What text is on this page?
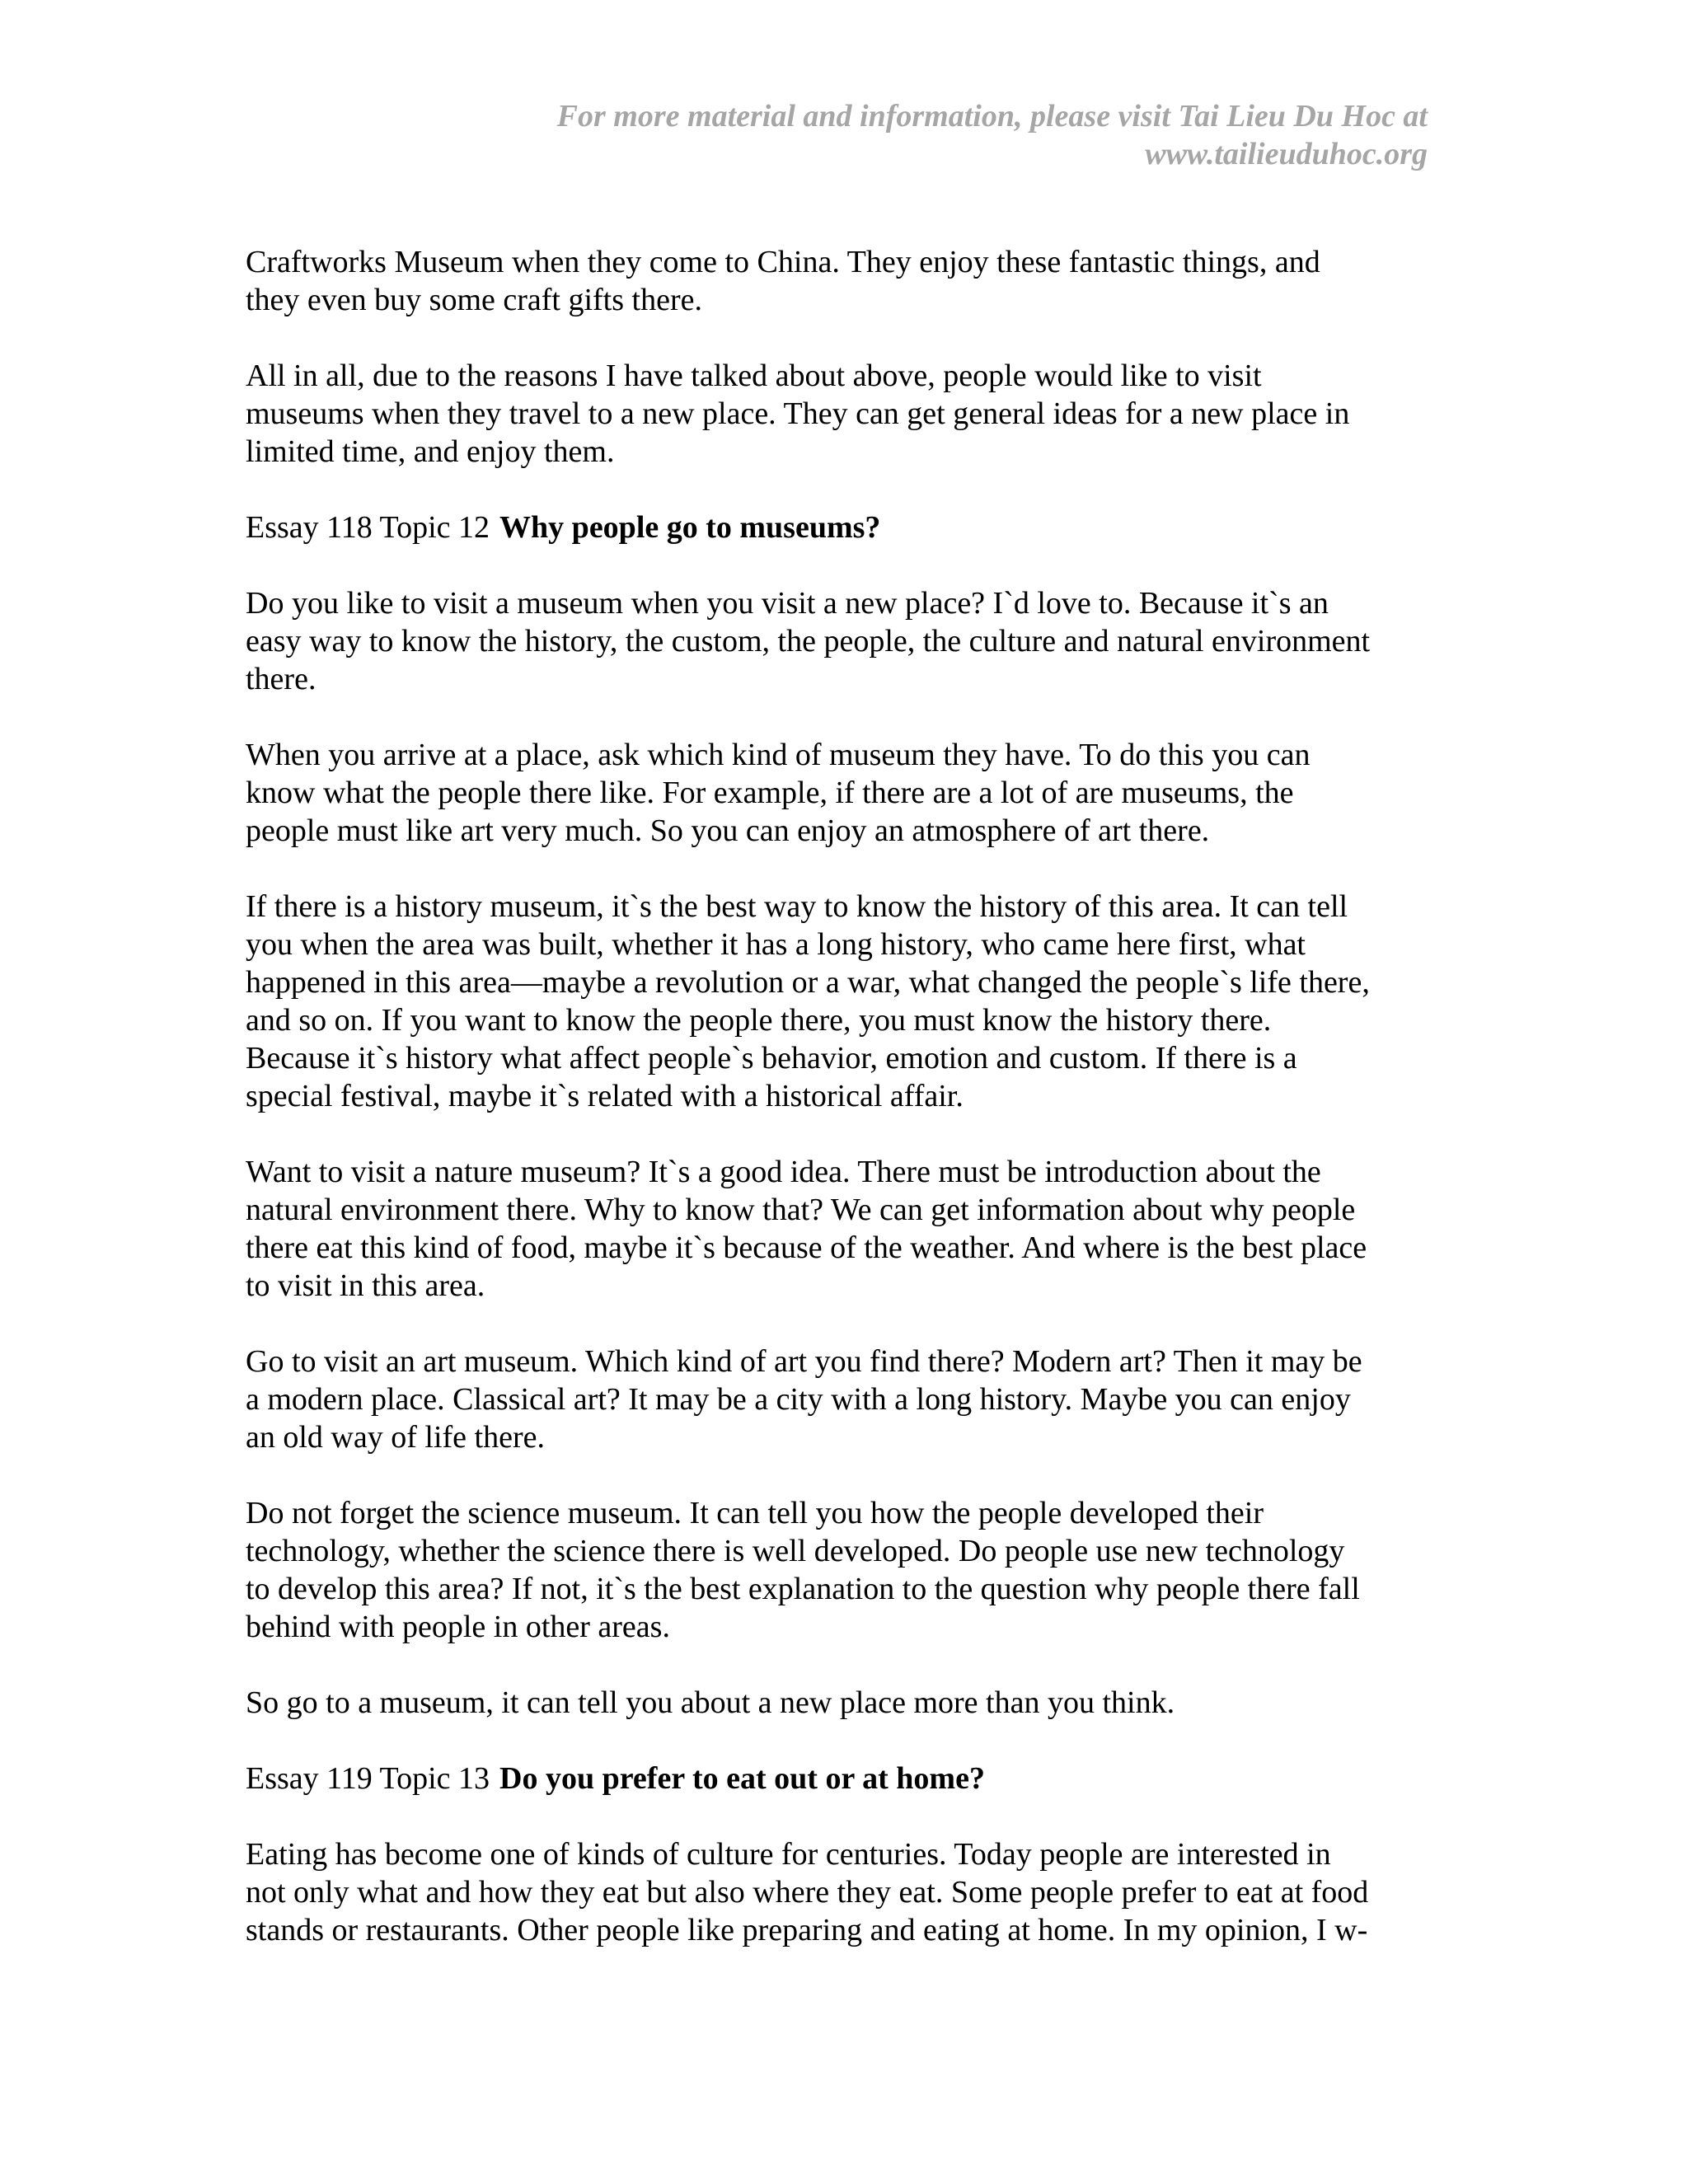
For more material and information, please visit Tai Lieu Du Hoc at
www.tailieuduhoc.org
Craftworks Museum when they come to China. They enjoy these fantastic things, and
they even buy some craft gifts there.
All in all, due to the reasons I have talked about above, people would like to visit
museums when they travel to a new place. They can get general ideas for a new place in
limited time, and enjoy them.
Essay 118 Topic 12 Why people go to museums?
Do you like to visit a museum when you visit a new place? I`d love to. Because it`s an
easy way to know the history, the custom, the people, the culture and natural environment
there.
When you arrive at a place, ask which kind of museum they have. To do this you can
know what the people there like. For example, if there are a lot of are museums, the
people must like art very much. So you can enjoy an atmosphere of art there.
If there is a history museum, it`s the best way to know the history of this area. It can tell
you when the area was built, whether it has a long history, who came here first, what
happened in this area—maybe a revolution or a war, what changed the people`s life there,
and so on. If you want to know the people there, you must know the history there.
Because it`s history what affect people`s behavior, emotion and custom. If there is a
special festival, maybe it`s related with a historical affair.
Want to visit a nature museum? It`s a good idea. There must be introduction about the
natural environment there. Why to know that? We can get information about why people
there eat this kind of food, maybe it`s because of the weather. And where is the best place
to visit in this area.
Go to visit an art museum. Which kind of art you find there? Modern art? Then it may be
a modern place. Classical art? It may be a city with a long history. Maybe you can enjoy
an old way of life there.
Do not forget the science museum. It can tell you how the people developed their
technology, whether the science there is well developed. Do people use new technology
to develop this area? If not, it`s the best explanation to the question why people there fall
behind with people in other areas.
So go to a museum, it can tell you about a new place more than you think.
Essay 119 Topic 13 Do you prefer to eat out or at home?
Eating has become one of kinds of culture for centuries. Today people are interested in
not only what and how they eat but also where they eat. Some people prefer to eat at food
stands or restaurants. Other people like preparing and eating at home. In my opinion, I w-
